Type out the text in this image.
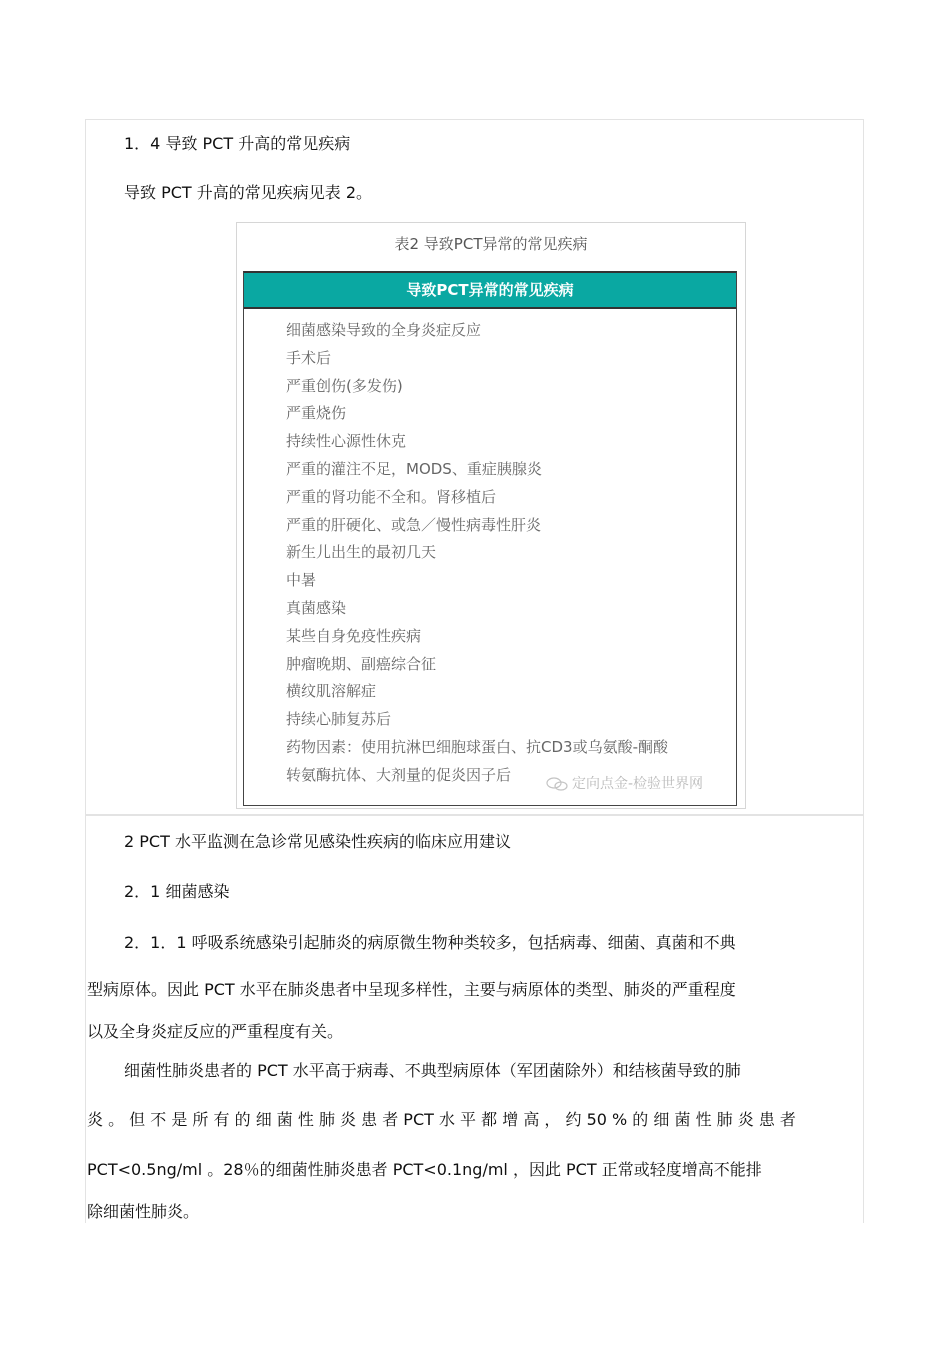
1．4 导致 PCT 升高的常见疾病
导致 PCT 升高的常见疾病见表 2。
表2 导致PCT异常的常见疾病
导致PCT异常的常见疾病
细菌感染导致的全身炎症反应
手术后
严重创伤(多发伤)
严重烧伤
持续性心源性休克
严重的灌注不足，MODS、重症胰腺炎
严重的肾功能不全和。肾移植后
严重的肝硬化、或急／慢性病毒性肝炎
新生儿出生的最初几天
中暑
真菌感染
某些自身免疫性疾病
肿瘤晚期、副癌综合征
横纹肌溶解症
持续心肺复苏后
药物因素：使用抗淋巴细胞球蛋白、抗CD3或乌氨酸-酮酸
转氨酶抗体、大剂量的促炎因子后
定向点金-检验世界网
2 PCT 水平监测在急诊常见感染性疾病的临床应用建议
2．1 细菌感染
2．1．1 呼吸系统感染引起肺炎的病原微生物种类较多，包括病毒、细菌、真菌和不典
型病原体。因此 PCT 水平在肺炎患者中呈现多样性，主要与病原体的类型、肺炎的严重程度
以及全身炎症反应的严重程度有关。
细菌性肺炎患者的 PCT 水平高于病毒、不典型病原体（军团菌除外）和结核菌导致的肺
炎 。 但 不 是 所 有 的 细 菌 性 肺 炎 患 者 PCT 水 平 都 增 高 ， 约 50 % 的 细 菌 性 肺 炎 患 者
PCT<0.5ng/ml 。28％的细菌性肺炎患者 PCT<0.1ng/ml ，因此 PCT 正常或轻度增高不能排
除细菌性肺炎。
